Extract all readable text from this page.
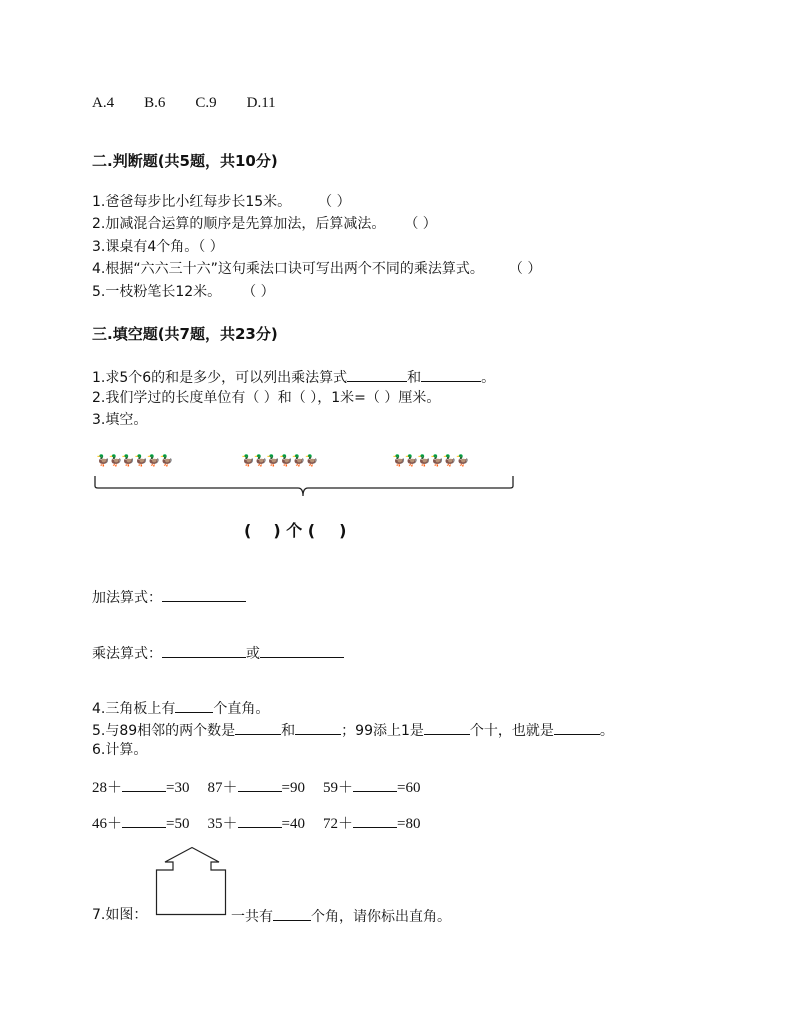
A.4 B.6 C.9 D.11
二.判断题(共5题，共10分)
1.爸爸每步比小红每步长15米。 （ ）
2.加减混合运算的顺序是先算加法，后算减法。 （ ）
3.课桌有4个角。（ ）
4.根据“六六三十六”这句乘法口诀可写出两个不同的乘法算式。 （ ）
5.一枝粉笔长12米。 （ ）
三.填空题(共7题，共23分)
1.求5个6的和是多少，可以列出乘法算式	和	。
2.我们学过的长度单位有（ ）和（ ），1米=（ ）厘米。
3.填空。
🦆🦆🦆🦆🦆🦆	🦆🦆🦆🦆🦆🦆	🦆🦆🦆🦆🦆🦆
( ) 个 ( )
加法算式：
乘法算式：	或
4.三角板上有	个直角。
5.与89相邻的两个数是	和	；99添上1是	个十，也就是	。
6.计算。
28＋	=30 87＋	=90 59＋	=60
46＋	=50 35＋	=40 72＋	=80
7.如图：	一共有	个角，请你标出直角。
